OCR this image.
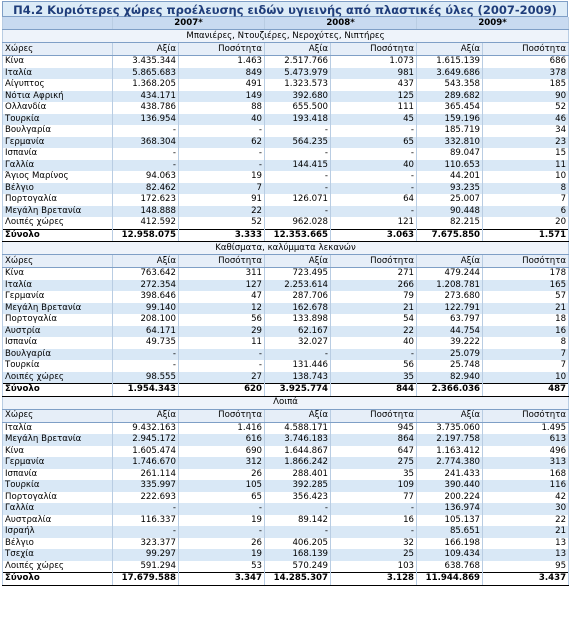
Π4.2 Κυριότερες χώρες προέλευσης ειδών υγιεινής από πλαστικές ύλες (2007-2009)
	2007*		2008*		2009*	
Μπανιέρες, Ντουζιέρες, Νεροχύτες, Νιπτήρες						
Χώρες	Αξία	Ποσότητα	Αξία	Ποσότητα	Αξία	Ποσότητα
Κίνα	3.435.344	1.463	2.517.766	1.073	1.615.139	686
Ιταλία	5.865.683	849	5.473.979	981	3.649.686	378
Αίγυπτος	1.368.205	491	1.323.573	437	543.358	185
Νότια Αφρική	434.171	149	392.680	125	289.682	90
Ολλανδία	438.786	88	655.500	111	365.454	52
Τουρκία	136.954	40	193.418	45	159.196	46
Βουλγαρία	-	-	-	-	185.719	34
Γερμανία	368.304	62	564.235	65	332.810	23
Ισπανία	-	-	-	-	89.047	15
Γαλλία	-	-	144.415	40	110.653	11
Άγιος Μαρίνος	94.063	19	-	-	44.201	10
Βέλγιο	82.462	7	-	-	93.235	8
Πορτογαλία	172.623	91	126.071	64	25.007	7
Μεγάλη Βρετανία	148.888	22	-	-	90.448	6
Λοιπές χώρες	412.592	52	962.028	121	82.215	20
Σύνολο	12.958.075	3.333	12.353.665	3.063	7.675.850	1.571
Καθίσματα, καλύμματα λεκανών						
Χώρες	Αξία	Ποσότητα	Αξία	Ποσότητα	Αξία	Ποσότητα
Κίνα	763.642	311	723.495	271	479.244	178
Ιταλία	272.354	127	2.253.614	266	1.208.781	165
Γερμανία	398.646	47	287.706	79	273.680	57
Μεγάλη Βρετανία	99.140	12	162.678	21	122.791	21
Πορτογαλία	208.100	56	133.898	54	63.797	18
Αυστρία	64.171	29	62.167	22	44.754	16
Ισπανία	49.735	11	32.027	40	39.222	8
Βουλγαρία	-	-	-	-	25.079	7
Τουρκία	-	-	131.446	56	25.748	7
Λοιπές χώρες	98.555	27	138.743	35	82.940	10
Σύνολο	1.954.343	620	3.925.774	844	2.366.036	487
Λοιπά						
Χώρες	Αξία	Ποσότητα	Αξία	Ποσότητα	Αξία	Ποσότητα
Ιταλία	9.432.163	1.416	4.588.171	945	3.735.060	1.495
Μεγάλη Βρετανία	2.945.172	616	3.746.183	864	2.197.758	613
Κίνα	1.605.474	690	1.644.867	647	1.163.412	496
Γερμανία	1.746.670	312	1.866.242	275	2.774.380	313
Ισπανία	261.114	26	288.401	35	241.433	168
Τουρκία	335.997	105	392.285	109	390.440	116
Πορτογαλία	222.693	65	356.423	77	200.224	42
Γαλλία	-	-	-	-	136.974	30
Αυστραλία	116.337	19	89.142	16	105.137	22
Ισραήλ	-	-	-	-	85.651	21
Βέλγιο	323.377	26	406.205	32	166.198	13
Τσεχία	99.297	19	168.139	25	109.434	13
Λοιπές χώρες	591.294	53	570.249	103	638.768	95
Σύνολο	17.679.588	3.347	14.285.307	3.128	11.944.869	3.437
